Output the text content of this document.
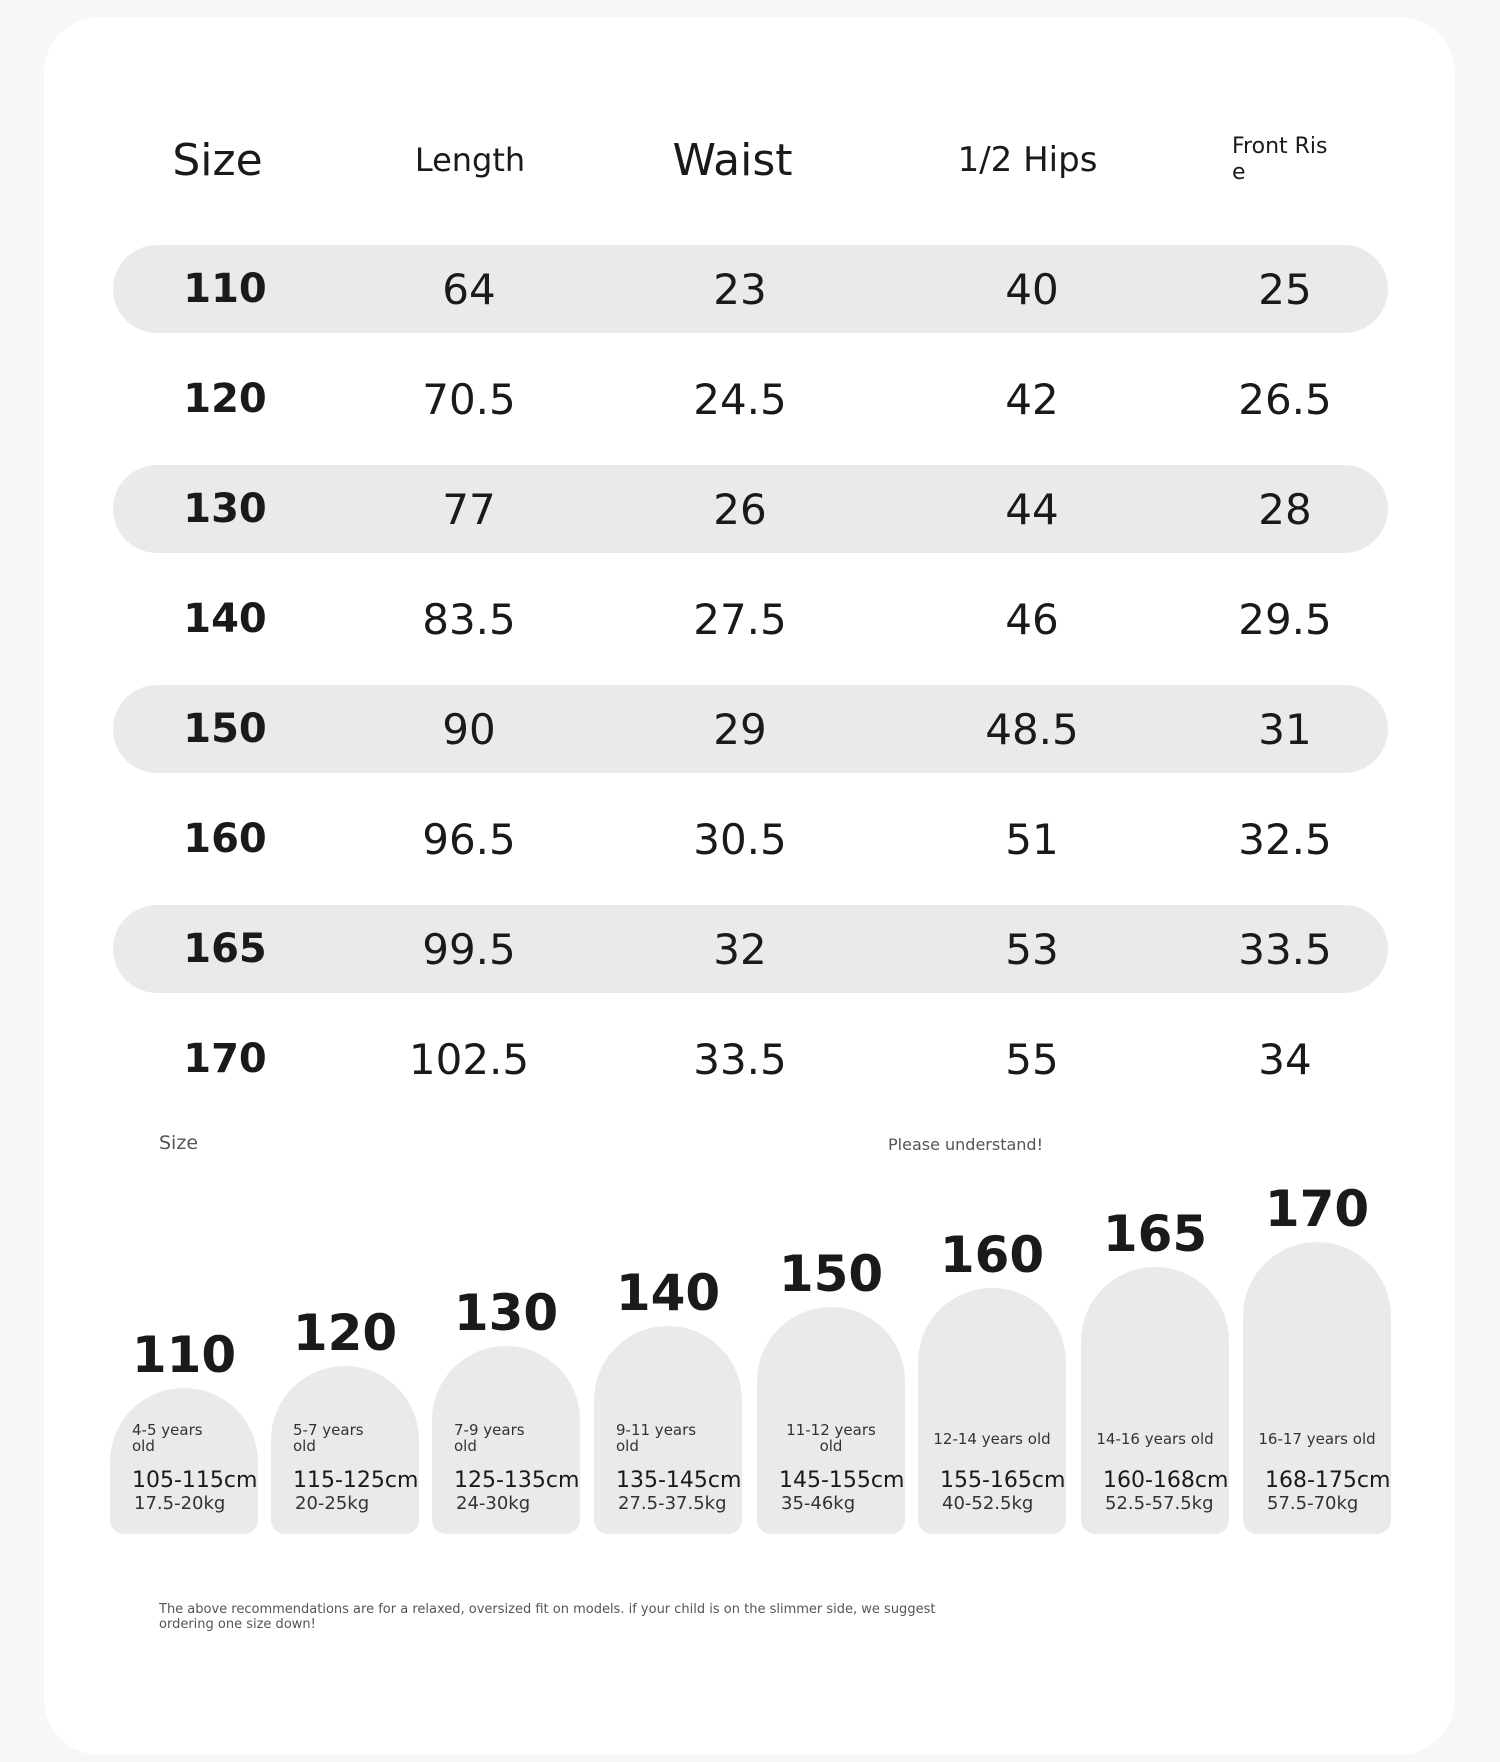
Size	Length	Waist	1/2 Hips	Front Ris
e
110	64	23	40	25
120	70.5	24.5	42	26.5
130	77	26	44	28
140	83.5	27.5	46	29.5
150	90	29	48.5	31
160	96.5	30.5	51	32.5
165	99.5	32	53	33.5
170	102.5	33.5	55	34
Size	Please understand!
110
4-5 years
old
105-115cm
17.5-20kg
120
5-7 years
old
115-125cm
20-25kg
130
7-9 years
old
125-135cm
24-30kg
140
9-11 years
old
135-145cm
27.5-37.5kg
150
11-12 years
old
145-155cm
35-46kg
160
12-14 years old
155-165cm
40-52.5kg
165
14-16 years old
160-168cm
52.5-57.5kg
170
16-17 years old
168-175cm
57.5-70kg
The above recommendations are for a relaxed, oversized fit on models. if your child is on the slimmer side, we suggest ordering one size down!
